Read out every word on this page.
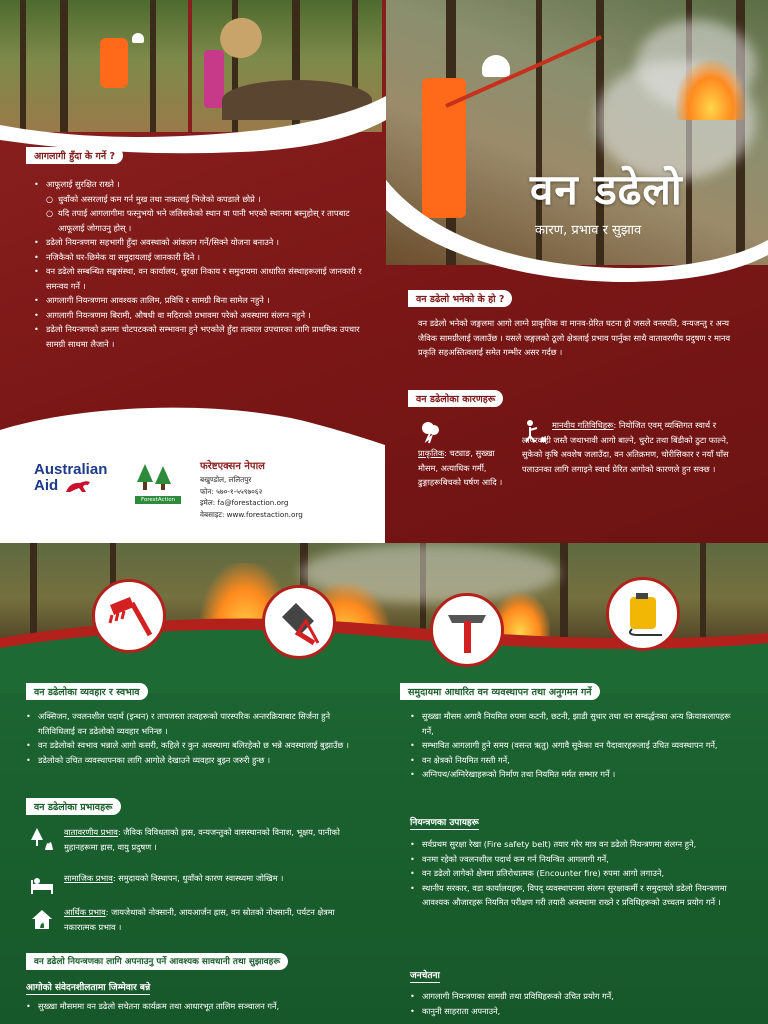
वन डढेलो
कारण, प्रभाव र सुझाव
आगलागी हुँदा के गर्ने ?
• आफूलाई सुरक्षित राख्ने ।
○ धुवाँको असरलाई कम गर्न मुख तथा नाकलाई भिजेको कपडाले छोप्ने ।
○ यदि तपाई आगलागीमा फस्नुभयो भने जलिसकेको स्थान वा पानी भएको स्थानमा बस्नुहोस् र तापबाट आफूलाई जोगाउनु होस् ।
• डढेलो नियन्त्रणमा सहभागी हुँदा अवस्थाको आंकलन गर्ने/सिक्ने योजना बनाउने ।
• नजिकैको घर-छिमेक वा समुदायलाई जानकारी दिने ।
• वन डढेलो सम्बन्धित सङ्घसंस्था, वन कार्यालय, सुरक्षा निकाय र समुदायमा आधारित संस्थाहरूलाई जानकारी र समन्वय गर्ने ।
• आगलागी नियन्त्रणमा आवश्यक तालिम, प्रविधि र सामग्री बिना सामेल नहुने ।
• आगलागी नियन्त्रणमा बिरामी, औषधी वा मदिराको प्रभावमा परेको अवस्थामा संलग्न नहुने ।
• डढेलो नियन्त्रणको क्रममा चोटपटकको सम्भावना हुने भएकोले हुँदा तत्काल उपचारका लागि प्राथमिक उपचार सामग्री साथमा लैजाने ।
वन डढेलो भनेको के हो ?
वन डढेलो भनेको जङ्गलमा आगो लाग्ने प्राकृतिक वा मानव-प्रेरित घटना हो जसले वनस्पति, वन्यजन्तु र अन्य जैविक सामग्रीलाई जलाउँछ । यसले जङ्गलको ठूलो क्षेत्रलाई प्रभाव पार्नुका साथै वातावरणीय प्रदुषण र मानव प्रकृति सहअस्तित्वलाई समेत गम्भीर असर गर्दछ ।
वन डढेलोका कारणहरू
प्राकृतिक: चट्याङ, सुख्खा मौसम, अत्याधिक गर्मी, ढुङ्गाहरूबिचको घर्षण आदि ।
मानवीय गतिविधिहरू: नियोजित एवम् व्यक्तिगत स्वार्थ र लापरवाही जस्तै जथाभावी आगो बाल्ने, चुरोट तथा बिंडीको ठुटा फाल्ने, सुकेको कृषि अवशेष जलाउँदा, वन अतिक्रमण, चोरीसिकार र नयाँ घाँस पलाउनका लागि लगाइने स्वार्थ प्रेरित आगोको कारणले हुन सक्छ ।
Australian
Aid
ForestAction
फरेष्टएक्सन नेपाल
बखुण्डोल, ललितपुर
फोन: ५७०-१-५५९७०६२
इमेल: fa@forestaction.org
वेबसाइट: www.forestaction.org
वन डढेलोका व्यवहार र स्वभाव
• अक्सिजन, ज्वलनशील पदार्थ (इन्धन) र तापजस्ता तत्वहरूको पारस्परिक अन्तरक्रियाबाट सिर्जना हुने गतिविधिलाई वन डढेलोको व्यवहार भनिन्छ ।
• वन डढेलोको स्वभाव भन्नाले आगो कसरी, कहिले र कुन अवस्थामा बलिरहेको छ भन्ने अवस्थालाई बुझाउँछ ।
• डढेलोको उचित व्यवस्थापनका लागि आगोले देखाउने व्यवहार बुझ्न जरुरी हुन्छ ।
वन डढेलोका प्रभावहरू
वातावरणीय प्रभाव: जैविक विविधताको ह्रास, वन्यजन्तुको वासस्थानको विनाश, भूक्षय, पानीको मुहानहरूमा ह्रास, वायु प्रदुषण ।
सामाजिक प्रभाव: समुदायको विस्थापन, धुवाँको कारण स्वास्थ्यमा जोखिम ।
आर्थिक प्रभाव: जायजेथाको नोक्सानी, आयआर्जन ह्रास, वन स्रोतको नोक्सानी, पर्यटन क्षेत्रमा नकारात्मक प्रभाव ।
वन डढेलो नियन्त्रणका लागि अपनाउनु पर्ने आवश्यक सावधानी तथा सुझावहरू
आगोको संवेदनशीलतामा जिम्मेवार बन्ने
• सुख्खा मौसममा वन डढेलो सचेतना कार्यक्रम तथा आधारभूत तालिम सञ्चालन गर्ने,
समुदायमा आधारित वन व्यवस्थापन तथा अनुगमन गर्ने
• सुख्खा मौसम अगावै नियमित रुपमा कटनी, छटनी, झाडी सुधार तथा वन सम्वर्द्धनका अन्य क्रियाकलापहरू गर्ने,
• सम्भावित आगलागी हुने समय (वसन्त ऋतु) अगावै सुकेका वन पैदावारहरूलाई उचित व्यवस्थापन गर्ने,
• वन क्षेत्रको नियमित गस्ती गर्ने,
• अग्निपथ/अग्निरेखाहरूको निर्माण तथा नियमित मर्मत सम्भार गर्ने ।
नियन्त्रणका उपायहरू
• सर्वप्रथम सुरक्षा रेखा (Fire safety belt) तयार गरेर मात्र वन डढेलो नियन्त्रणमा संलग्न हुने,
• वनमा रहेको ज्वलनशील पदार्थ कम गर्न नियन्त्रित आगलागी गर्ने,
• वन डढेलो लागेको क्षेत्रमा प्रतिरोधात्मक (Encounter fire) रुपमा आगो लगाउने,
• स्थानीय सरकार, वडा कार्यालयहरू, विपद् व्यवस्थापनमा संलग्न सुरक्षाकर्मी र समुदायले डढेलो नियन्त्रणमा आवश्यक औजारहरू नियमित परीक्षण गरी तयारी अवस्थामा राख्ने र प्रविधिहरूको उच्चतम प्रयोग गर्ने ।
जनचेतना
• आगलागी नियन्त्रणका सामग्री तथा प्रविधिहरूको उचित प्रयोग गर्ने,
• कानुनी साहराता अपनाउने,
